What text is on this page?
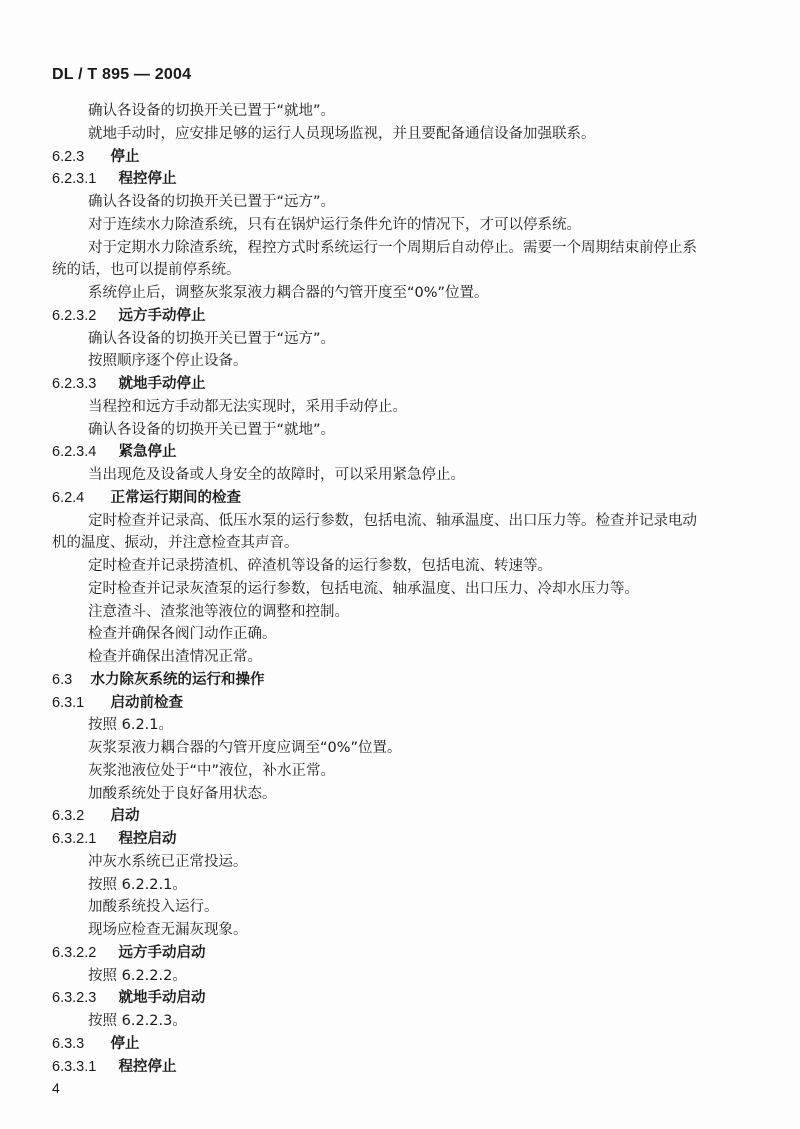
DL / T 895 — 2004
确认各设备的切换开关已置于“就地”。
就地手动时，应安排足够的运行人员现场监视，并且要配备通信设备加强联系。
6.2.3  停止
6.2.3.1  程控停止
确认各设备的切换开关已置于“远方”。
对于连续水力除渣系统，只有在锅炉运行条件允许的情况下，才可以停系统。
对于定期水力除渣系统，程控方式时系统运行一个周期后自动停止。需要一个周期结束前停止系
统的话，也可以提前停系统。
系统停止后，调整灰浆泵液力耦合器的勺管开度至“0%”位置。
6.2.3.2  远方手动停止
确认各设备的切换开关已置于“远方”。
按照顺序逐个停止设备。
6.2.3.3  就地手动停止
当程控和远方手动都无法实现时，采用手动停止。
确认各设备的切换开关已置于“就地”。
6.2.3.4  紧急停止
当出现危及设备或人身安全的故障时，可以采用紧急停止。
6.2.4  正常运行期间的检查
定时检查并记录高、低压水泵的运行参数，包括电流、轴承温度、出口压力等。检查并记录电动
机的温度、振动，并注意检查其声音。
定时检查并记录捞渣机、碎渣机等设备的运行参数，包括电流、转速等。
定时检查并记录灰渣泵的运行参数，包括电流、轴承温度、出口压力、冷却水压力等。
注意渣斗、渣浆池等液位的调整和控制。
检查并确保各阀门动作正确。
检查并确保出渣情况正常。
6.3  水力除灰系统的运行和操作
6.3.1  启动前检查
按照 6.2.1。
灰浆泵液力耦合器的勺管开度应调至“0%”位置。
灰浆池液位处于“中”液位，补水正常。
加酸系统处于良好备用状态。
6.3.2  启动
6.3.2.1  程控启动
冲灰水系统已正常投运。
按照 6.2.2.1。
加酸系统投入运行。
现场应检查无漏灰现象。
6.3.2.2  远方手动启动
按照 6.2.2.2。
6.3.2.3  就地手动启动
按照 6.2.2.3。
6.3.3  停止
6.3.3.1  程控停止
4
